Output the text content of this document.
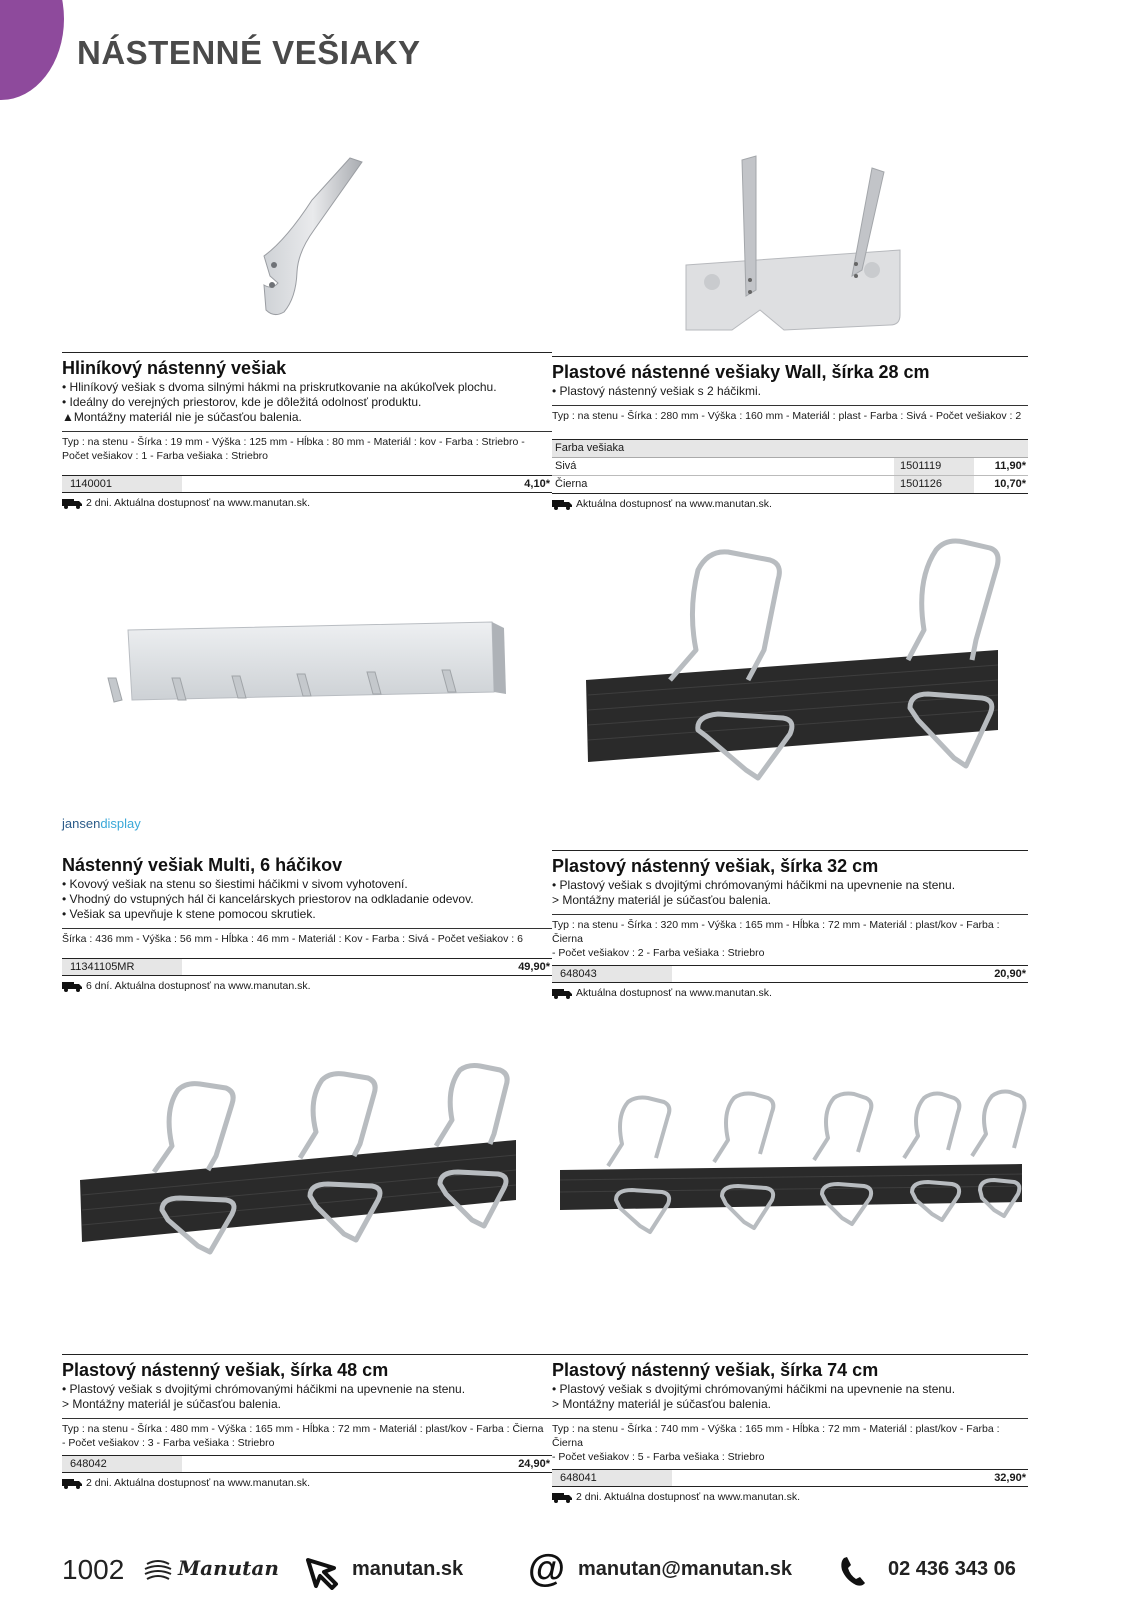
NÁSTENNÉ VEŠIAKY
Hliníkový nástenný vešiak
• Hliníkový vešiak s dvoma silnými hákmi na priskrutkovanie na akúkoľvek plochu.
• Ideálny do verejných priestorov, kde je dôležitá odolnosť produktu.
▲Montážny materiál nie je súčasťou balenia.
Typ : na stenu - Šírka : 19 mm - Výška : 125 mm - Hĺbka : 80 mm - Materiál : kov - Farba : Striebro -
Počet vešiakov : 1 - Farba vešiaka : Striebro
1140001	4,10*
2 dni. Aktuálna dostupnosť na www.manutan.sk.
Plastové nástenné vešiaky Wall, šírka 28 cm
• Plastový nástenný vešiak s 2 háčikmi.
Typ : na stenu - Šírka : 280 mm - Výška : 160 mm - Materiál : plast - Farba : Sivá - Počet vešiakov : 2
Farba vešiaka
Sivá	1501119	11,90*
Čierna	1501126	10,70*
Aktuálna dostupnosť na www.manutan.sk.
jansendisplay
Nástenný vešiak Multi, 6 háčikov
• Kovový vešiak na stenu so šiestimi háčikmi v sivom vyhotovení.
• Vhodný do vstupných hál či kancelárskych priestorov na odkladanie odevov.
• Vešiak sa upevňuje k stene pomocou skrutiek.
Šírka : 436 mm - Výška : 56 mm - Hĺbka : 46 mm - Materiál : Kov - Farba : Sivá - Počet vešiakov : 6
11341105MR	49,90*
6 dní. Aktuálna dostupnosť na www.manutan.sk.
Plastový nástenný vešiak, šírka 32 cm
• Plastový vešiak s dvojitými chrómovanými háčikmi na upevnenie na stenu.
> Montážny materiál je súčasťou balenia.
Typ : na stenu - Šírka : 320 mm - Výška : 165 mm - Hĺbka : 72 mm - Materiál : plast/kov - Farba : Čierna
- Počet vešiakov : 2 - Farba vešiaka : Striebro
648043	20,90*
Aktuálna dostupnosť na www.manutan.sk.
Plastový nástenný vešiak, šírka 48 cm
• Plastový vešiak s dvojitými chrómovanými háčikmi na upevnenie na stenu.
> Montážny materiál je súčasťou balenia.
Typ : na stenu - Šírka : 480 mm - Výška : 165 mm - Hĺbka : 72 mm - Materiál : plast/kov - Farba : Čierna
- Počet vešiakov : 3 - Farba vešiaka : Striebro
648042	24,90*
2 dni. Aktuálna dostupnosť na www.manutan.sk.
Plastový nástenný vešiak, šírka 74 cm
• Plastový vešiak s dvojitými chrómovanými háčikmi na upevnenie na stenu.
> Montážny materiál je súčasťou balenia.
Typ : na stenu - Šírka : 740 mm - Výška : 165 mm - Hĺbka : 72 mm - Materiál : plast/kov - Farba : Čierna
- Počet vešiakov : 5 - Farba vešiaka : Striebro
648041	32,90*
2 dni. Aktuálna dostupnosť na www.manutan.sk.
1002	Manutan	manutan.sk @ manutan@manutan.sk	02 436 343 06
